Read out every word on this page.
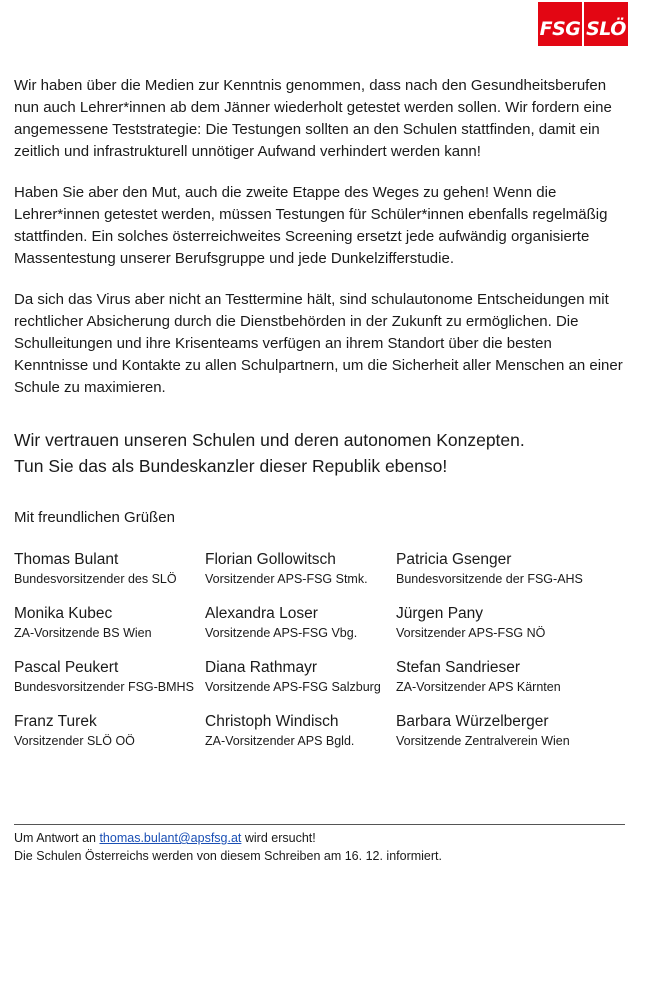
FSG SLÖ

Wir haben über die Medien zur Kenntnis genommen, dass nach den Gesundheitsberufen nun auch Lehrer*innen ab dem Jänner wiederholt getestet werden sollen. Wir fordern eine angemessene Teststrategie: Die Testungen sollten an den Schulen stattfinden, damit ein zeitlich und infrastrukturell unnötiger Aufwand verhindert werden kann!

Haben Sie aber den Mut, auch die zweite Etappe des Weges zu gehen! Wenn die Lehrer*innen getestet werden, müssen Testungen für Schüler*innen ebenfalls regelmäßig stattfinden. Ein solches österreichweites Screening ersetzt jede aufwändig organisierte Massentestung unserer Berufsgruppe und jede Dunkelzifferstudie.

Da sich das Virus aber nicht an Testtermine hält, sind schulautonome Entscheidungen mit rechtlicher Absicherung durch die Dienstbehörden in der Zukunft zu ermöglichen. Die Schulleitungen und ihre Krisenteams verfügen an ihrem Standort über die besten Kenntnisse und Kontakte zu allen Schulpartnern, um die Sicherheit aller Menschen an einer Schule zu maximieren.

Wir vertrauen unseren Schulen und deren autonomen Konzepten.
Tun Sie das als Bundeskanzler dieser Republik ebenso!
Mit freundlichen Grüßen
Thomas Bulant
Bundesvorsitzender des SLÖ
Florian Gollowitsch
Vorsitzender APS-FSG Stmk.
Patricia Gsenger
Bundesvorsitzende der FSG-AHS
Monika Kubec
ZA-Vorsitzende BS Wien
Alexandra Loser
Vorsitzende APS-FSG Vbg.
Jürgen Pany
Vorsitzender APS-FSG NÖ
Pascal Peukert
Bundesvorsitzender FSG-BMHS
Diana Rathmayr
Vorsitzende APS-FSG Salzburg
Stefan Sandrieser
ZA-Vorsitzender APS Kärnten
Franz Turek
Vorsitzender SLÖ OÖ
Christoph Windisch
ZA-Vorsitzender APS Bgld.
Barbara Würzelberger
Vorsitzende Zentralverein Wien
Um Antwort an thomas.bulant@apsfsg.at wird ersucht!
Die Schulen Österreichs werden von diesem Schreiben am 16. 12. informiert.
